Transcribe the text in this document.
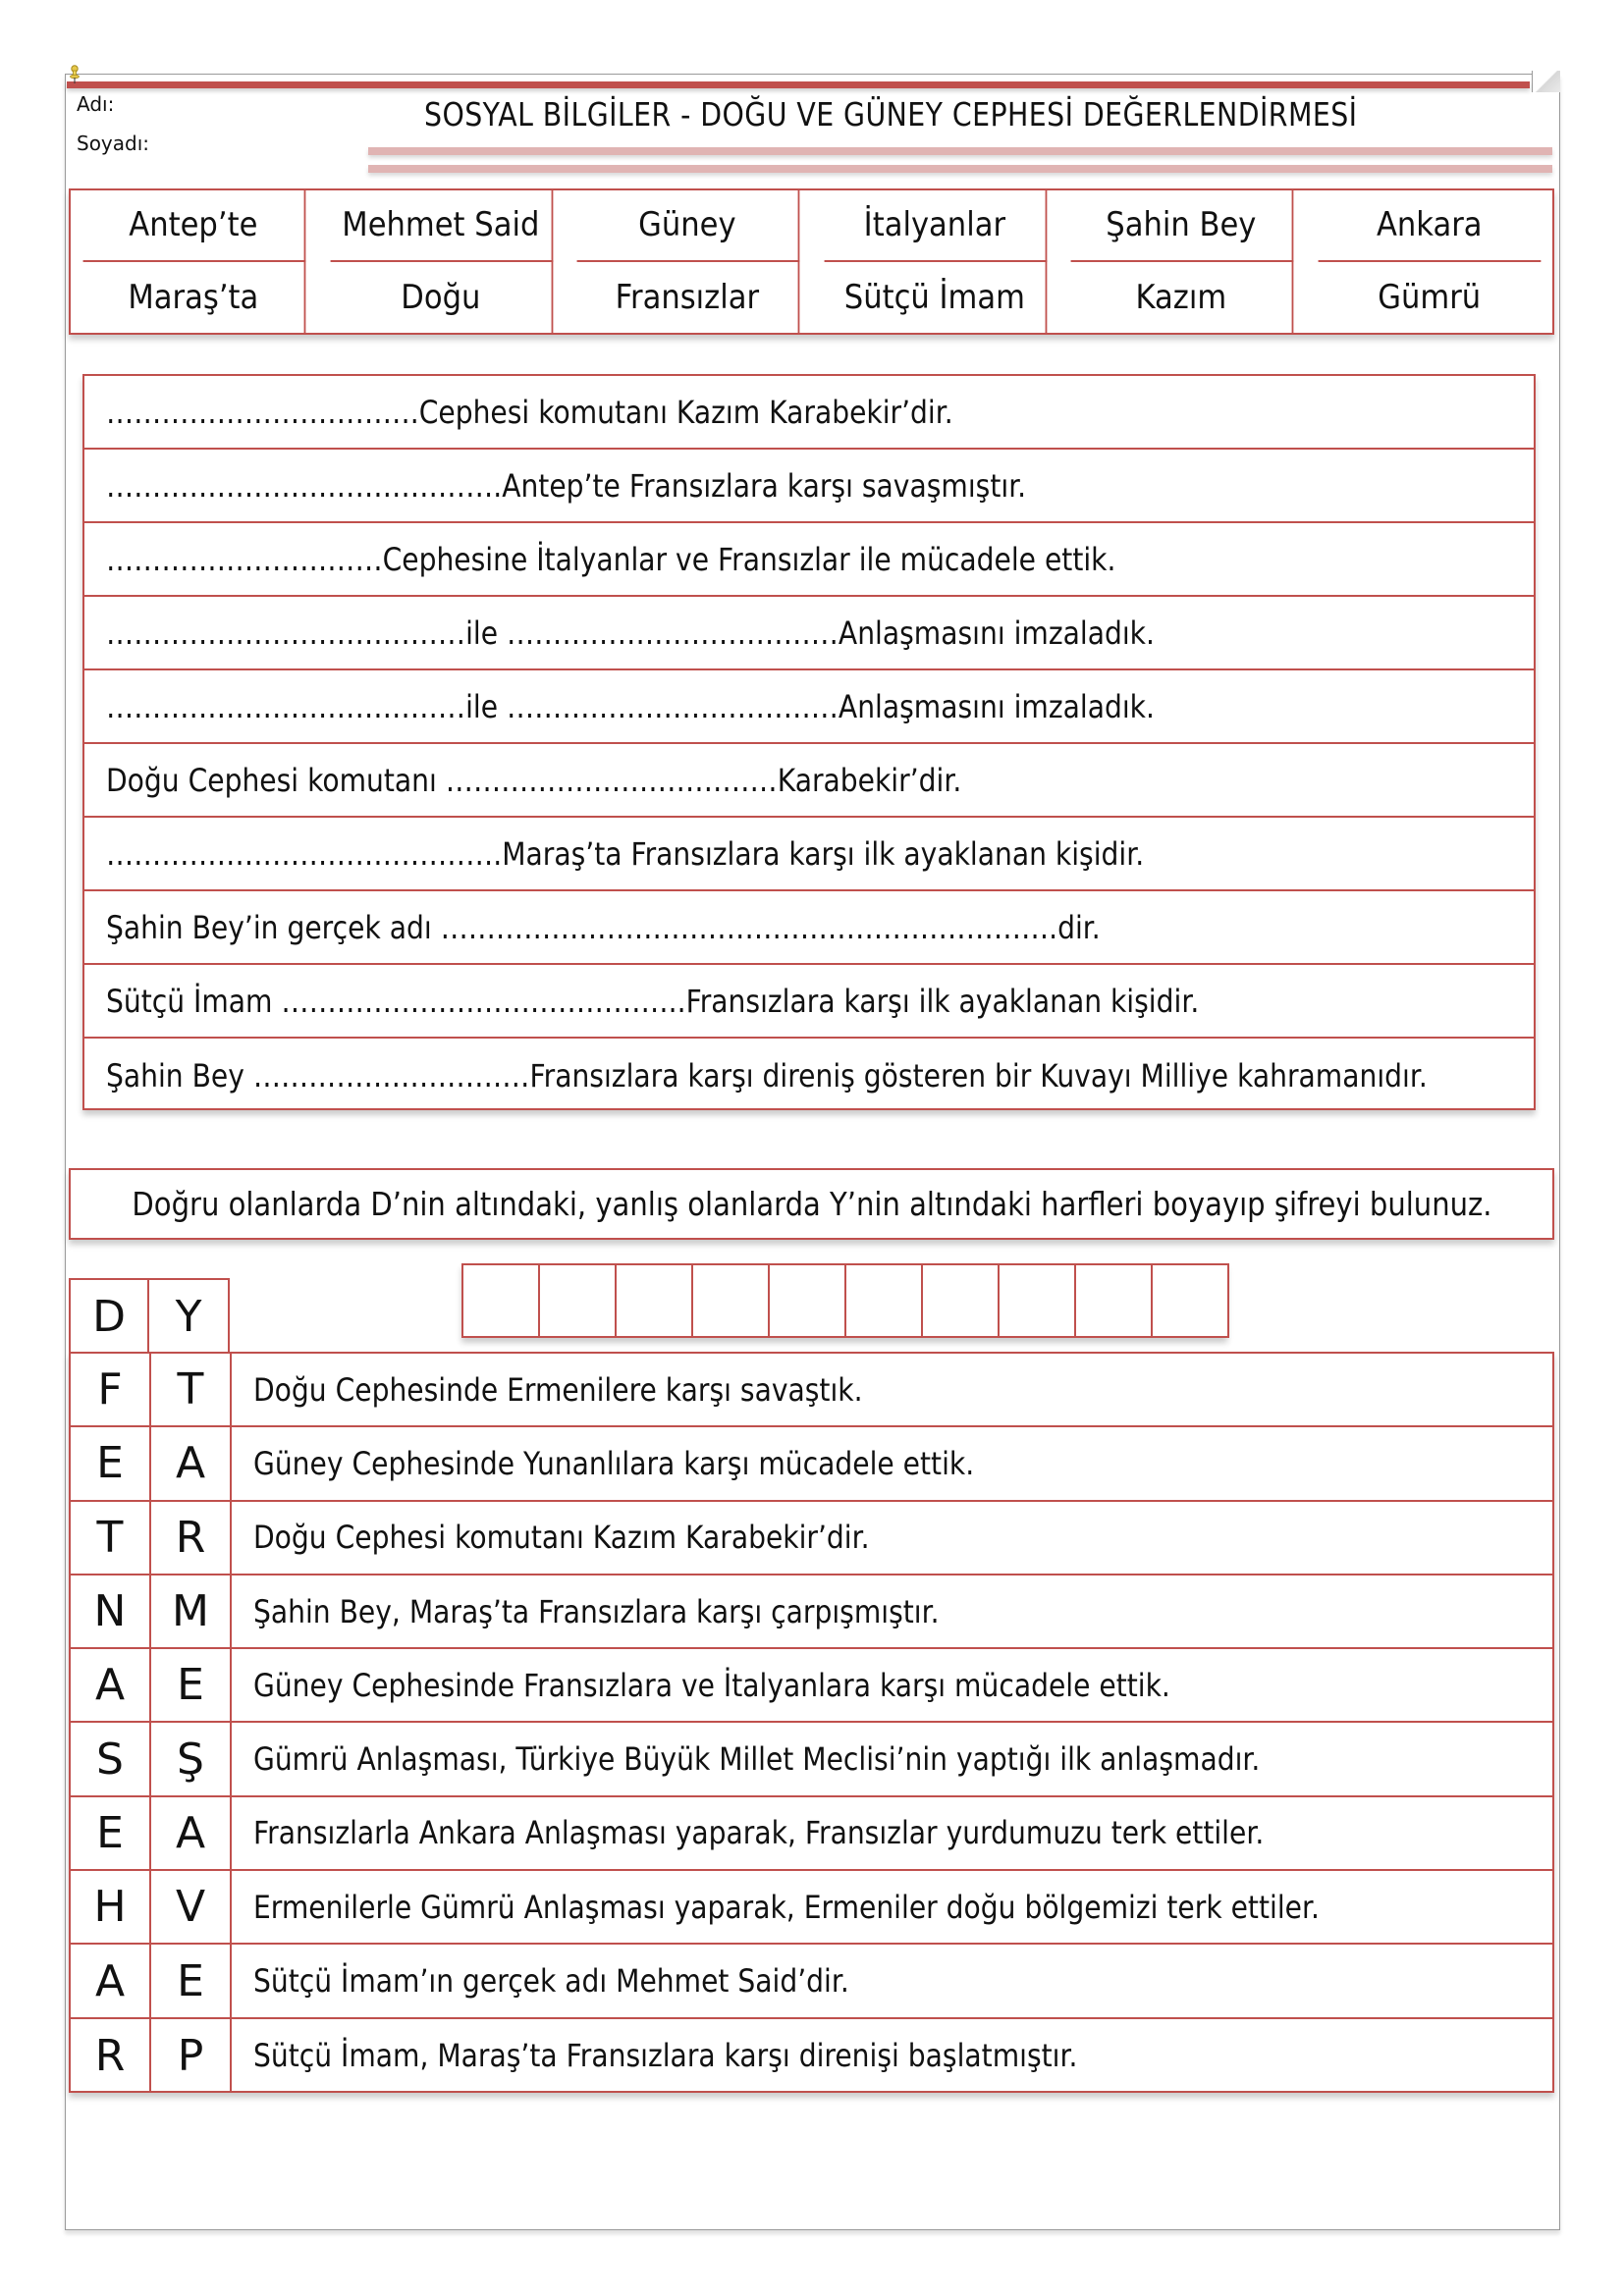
Adı:
Soyadı:
SOSYAL BİLGİLER - DOĞU VE GÜNEY CEPHESİ DEĞERLENDİRMESİ
Antep’te	Mehmet Said	Güney	İtalyanlar	Şahin Bey	Ankara
Maraş’ta	Doğu	Fransızlar	Sütçü İmam	Kazım	Gümrü
…………………………….Cephesi komutanı Kazım Karabekir’dir.
…………………………………….Antep’te Fransızlara karşı savaşmıştır.
…………………………Cephesine İtalyanlar ve Fransızlar ile mücadele ettik.
…………………………………ile ………………………………Anlaşmasını imzaladık.
…………………………………ile ………………………………Anlaşmasını imzaladık.
Doğu Cephesi komutanı ………………………………Karabekir’dir.
…………………………………….Maraş’ta Fransızlara karşı ilk ayaklanan kişidir.
Şahin Bey’in gerçek adı ………………………………………………………….dir.
Sütçü İmam ……………………………………..Fransızlara karşı ilk ayaklanan kişidir.
Şahin Bey …………………………Fransızlara karşı direniş gösteren bir Kuvayı Milliye kahramanıdır.
Doğru olanlarda D’nin altındaki, yanlış olanlarda Y’nin altındaki harfleri boyayıp şifreyi bulunuz.
D	Y
F	T	Doğu Cephesinde Ermenilere karşı savaştık.
E	A	Güney Cephesinde Yunanlılara karşı mücadele ettik.
T	R	Doğu Cephesi komutanı Kazım Karabekir’dir.
N	M	Şahin Bey, Maraş’ta Fransızlara karşı çarpışmıştır.
A	E	Güney Cephesinde Fransızlara ve İtalyanlara karşı mücadele ettik.
S	Ş	Gümrü Anlaşması, Türkiye Büyük Millet Meclisi’nin yaptığı ilk anlaşmadır.
E	A	Fransızlarla Ankara Anlaşması yaparak, Fransızlar yurdumuzu terk ettiler.
H	V	Ermenilerle Gümrü Anlaşması yaparak, Ermeniler doğu bölgemizi terk ettiler.
A	E	Sütçü İmam’ın gerçek adı Mehmet Said’dir.
R	P	Sütçü İmam, Maraş’ta Fransızlara karşı direnişi başlatmıştır.
